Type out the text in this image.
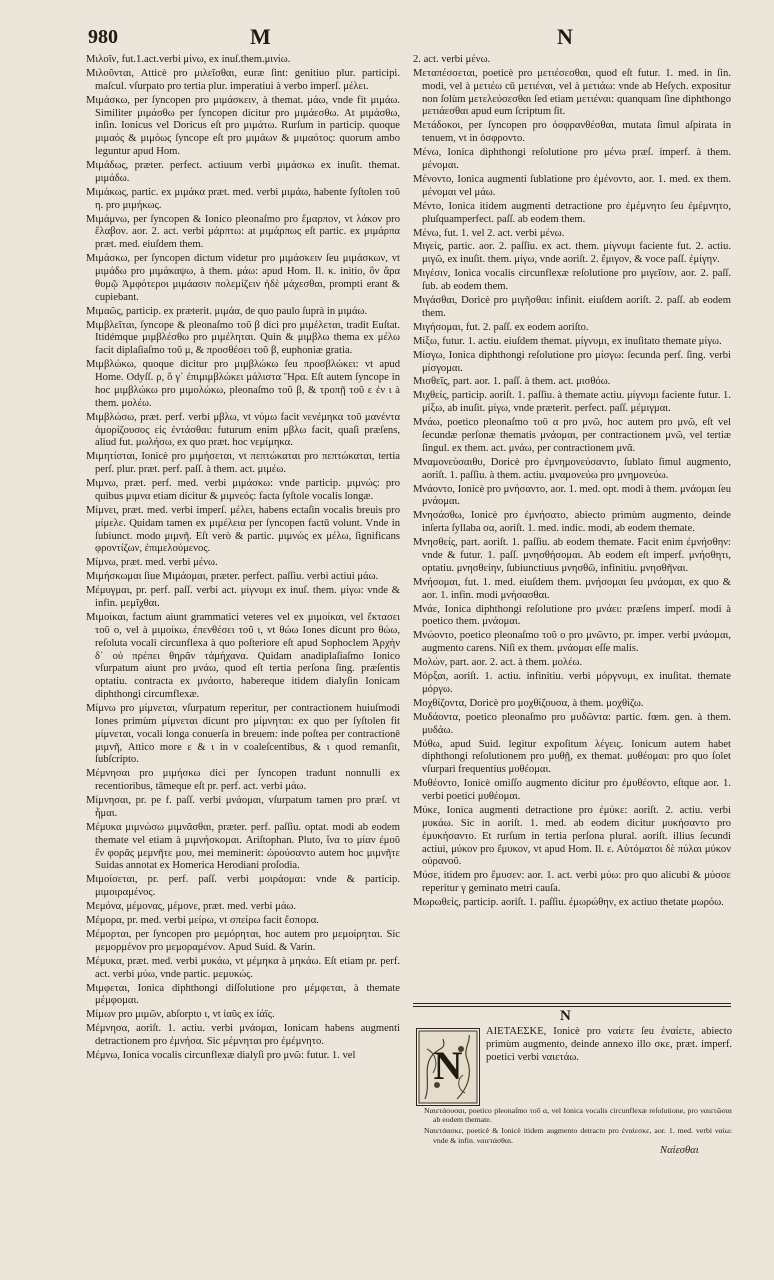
980	M	N

Μιλοῖν, fut.1.act.verbi μίνω, ex inuſ.them.μινίω.

Μιλοῦνται, Atticè pro μιλεῖσθαι, euræ ſint: genitiuo plur. participi. maſcul. vſurpato pro tertia plur. imperatiui à verbo imperſ. μέλει.

Μιμάσκω, per ſyncopen pro μιμάσκειν, à themat. μάω, vnde fit μιμάω. Similiter μιμάσθω per ſyncopen dicitur pro μιμάεσθω. At μιμάσθω, inſin. Ionicus vel Doricus eſt pro μιμάτω. Rurſum in particip. quoque μιμαός & μιμόως ſyncope eſt pro μιμάων & μιμαότος: quorum ambo leguntur apud Hom.

Μιμάδως, præter. perfect. actiuum verbi μιμάσκω ex inuſit. themat. μιμάδω.

Μιμάκως, partic. ex μιμάκα præt. med. verbi μιμάω, habente ſyſtolen τοῦ η. pro μιμήκως.

Μιμάμνω, per ſyncopen & Ionico pleonaſmo pro ἔμαρπον, vt λάκον pro ἔλαβον. aor. 2. act. verbi μάρπτω: at μιμάρπως eſt partic. ex μιμάρπα præt. med. eiuſdem them.

Μιμάσκω, per ſyncopen dictum videtur pro μιμάσκειν ſeu μιμάσκων, vt μιμάδω pro μιμάκαψω, à them. μάω: apud Hom. Il. κ. initio, ὃν ἄρα θυμῷ Ἀμφότεροι μιμάασιν πολεμίζειν ἠδὲ μάχεσθαι, prompti erant & cupiebant.

Μιμαῶς, particip. ex præterit. μιμάα, de quo paulo ſuprà in μιμάω.

Μιμβλεῖται, ſyncope & pleonaſmo τοῦ β dici pro μιμέλεται, tradit Euſtat. Itidémque μιμβλέσθω pro μιμέληται. Quin & μιμβλω thema ex μέλω facit diplaſiaſmo τοῦ μ, & προσθέσει τοῦ β, euphoniæ gratia.

Μιμβλώκω, quoque dicitur pro μιμβλώκω ſeu προσβλώκει: vt apud Home. Odyſſ. ρ, ὅ γ᾽ ἐπιμιμβλώκει μάλιστα Ἥρα. Eſt autem ſyncope in hoc μιμβλώκω pro μιμολώκω, pleonaſmo τοῦ β, & τροπῇ τοῦ ε ἐν ι à them. μολέω.

Μιμβλώσω, præt. perf. verbi μβλω, vt νύμω facit νενέμηκα τοῦ μανέντα ἀμορίζουσος εἰς ἐντάσθαι: futurum enim μβλω facit, quaſi præſens, aliud fut. μωλήσω, ex quo præt. hoc νεμίμηκα.

Μιμητίσται, Ionicè pro μιμήσεται, vt πεπτώκαται pro πεπτώκαται, tertia perſ. plur. præt. perf. paſſ. à them. act. μιμέω.

Μιμνω, præt. perf. med. verbi μιμάσκω: vnde particip. μιμνώς: pro quibus μιμνα etiam dicitur & μιμνεός: facta ſyſtole vocalis longæ.

Μίμνει, præt. med. verbi imperſ. μέλει, habens ectaſin vocalis breuis pro μίμελε. Quidam tamen ex μιμέλεια per ſyncopen factū volunt. Vnde in ſubiunct. modo μιμνῆ. Eſt verò & partic. μιμνώς ex μέλω, ſignificans φροντίζων, ἐπιμελούμενος.

Μίμνω, præt. med. verbi μένω.

Μιμήσκωμαι ſiue Μιμάομαι, præter. perfect. paſſiu. verbi actiui μάω.

Μέμυγμαι, pr. perf. paſſ. verbi act. μίγνυμι ex inuſ. them. μίγω: vnde & infin. μεμῖχθαι.

Μιμοίκαι, factum aiunt grammatici veteres vel ex μιμοίκαι, vel ἔκτασει τοῦ ο, vel à μιμοίκω, ἐπενθέσει τοῦ ι, vt θώω Iones dicunt pro θώω, reſoluta vocali circunflexa à quo poſteriore eſt apud Sophoclem Ἀρχὴν δ᾽ οὐ πρέπει θηρᾶν τἀμήχανα. Quidam anadiplaſiaſmo Ionico vſurpatum aiunt pro μνάω, quod eſt tertia perſona ſing. præſentis optatiu. contracta ex μνάοιτο, habereque itidem dialyſin Ionicam diphthongi circumflexæ.

Μίμνω pro μίμνεται, vſurpatum reperitur, per contractionem huiuſmodi Iones primùm μίμνεται dicunt pro μίμνηται: ex quo per ſyſtolen fit μίμνεται, vocali longa conuerſa in breuem: inde poſtea per contractionē μιμνῆ, Attico more ε & ι in ν coaleſcentibus, & ι quod remanſit, ſubſcripto.

Μέμνησαι pro μιμήσκω dici per ſyncopen tradunt nonnulli ex recentioribus, tāmeque eſt pr. perf. act. verbi μάω.

Μίμνησαι, pr. pe f. paſſ. verbi μνάομαι, vſurpatum tamen pro præſ. vt ἧμαι.

Μέμυκα μιμνώσω μιμνᾶσθαι, præter. perf. paſſiu. optat. modi ab eodem themate vel etiam à μιμνήσκομαι. Ariſtophan. Pluto, ἵνα το μίαν ἐμοῦ ἕν φορᾶς μεμνῆτε μου, mei meminerit: ὠρούσαντο autem hoc μιμνῆτε Suidas annotat ex Homerica Herodiani proſodia.

Μιμοίσεται, pr. perf. paſſ. verbi μοιράομαι: vnde & particip. μιμοιραμένος.

Μεμόνα, μέμονας, μέμονε, præt. med. verbi μάω.

Μέμορα, pr. med. verbi μείρω, vt σπείρω facit ἔσπορα.

Μέμορται, per ſyncopen pro μεμόρηται, hoc autem pro μεμοίρηται. Sic μεμορμένον pro μεμοραμένον. Apud Suid. & Varin.

Μέμυκα, præt. med. verbi μυκάω, vt μέμηκα à μηκάω. Eſt etiam pr. perf. act. verbi μύω, vnde partic. μεμυκώς.

Μιμφεται, Ionica diphthongi diſſolutione pro μέμφεται, à themate μέμφομαι.

Μίμων pro μιμῶν, abſorpto ι, vt ἰαῦς ex ἰάϊς.

Μέμνησα, aoriſt. 1. actiu. verbi μνάομαι, Ionicam habens augmenti detractionem pro ἐμνήσα. Sic μέμνηται pro ἐμέμνητο.

Μέμνω, Ionica vocalis circunflexæ dialyſi pro μνῶ: futur. 1. vel

2. act. verbi μένω.

Μεταπέσσεται, poeticè pro μετιέσεσθαι, quod eſt futur. 1. med. in ſin. modi, vel à μετιέω cū μετιέναι, vel à μετιάω: vnde ab Heſych. expositur non ſolùm μετελεύσεσθαι ſed etiam μετιέναι: quanquam ſine diphthongo μετιάεσθαι apud eum ſcriptum ſit.

Μετάδοκοι, per ſyncopen pro ὀσφρανθέσθαι, mutata ſimul aſpirata in tenuem, vt in ὀσφροντο.

Μένω, Ionica diphthongi reſolutione pro μένω præſ. imperf. à them. μένομαι.

Μένοντο, Ionica augmenti ſublatione pro ἐμένοντο, aor. 1. med. ex them. μένομαι vel μάω.

Μέντο, Ionica itidem augmenti detractione pro ἐμέμνητο ſeu ἐμέμνητο, pluſquamperfect. paſſ. ab eodem them.

Μένω, fut. 1. vel 2. act. verbi μένω.

Μιγείς, partic. aor. 2. paſſiu. ex act. them. μίγνυμι faciente fut. 2. actiu. μιγῶ, ex inuſit. them. μίγω, vnde aoriſt. 2. ἔμιγον, & voce paſſ. ἐμίγην.

Μιγέσιν, Ionica vocalis circunflexæ reſolutione pro μιγεῖσιν, aor. 2. paſſ. ſub. ab eodem them.

Μιγάσθαι, Doricè pro μιγῆσθαι: infinit. eiuſdem aoriſt. 2. paſſ. ab eodem them.

Μιγήσομαι, fut. 2. paſſ. ex eodem aoriſto.

Μίξω, futur. 1. actiu. eiuſdem themat. μίγνυμι, ex inuſitato themate μίγω.

Μίσγω, Ionica diphthongi reſolutione pro μίσγω: ſecunda perſ. ſing. verbi μίσγομαι.

Μισθεῖς, part. aor. 1. paſſ. à them. act. μισθόω.

Μιχθείς, particip. aoriſt. 1. paſſiu. à themate actiu. μίγνυμι faciente futur. 1. μίξω, ab inuſit. μίγω, vnde præterit. perfect. paſſ. μέμιγμαι.

Μνάω, poetico pleonaſmo τοῦ α pro μνῶ, hoc autem pro μνῶ, eſt vel ſecundæ perſonæ thematis μνάομαι, per contractionem μνῶ, vel tertiæ ſingul. ex them. act. μνάω, per contractionem μνᾶ.

Μναμονεύσαιθυ, Doricè pro ἐμνημονεύσαντο, ſublato ſimul augmento, aoriſt. 1. paſſiu. à them. actiu. μναμονεύω pro μνημονεύω.

Μνάοντο, Ionicè pro μνήσαντο, aor. 1. med. opt. modi à them. μνάομαι ſeu μνάομαι.

Μνησάσθω, Ionicè pro ἐμνήσατο, abiecto primùm augmento, deinde inſerta ſyllaba σα, aoriſt. 1. med. indic. modi, ab eodem themate.

Μνησθείς, part. aoriſt. 1. paſſiu. ab eodem themate. Facit enim ἐμνήσθην: vnde & futur. 1. paſſ. μνησθήσομαι. Ab eodem eſt imperf. μνήσθητι, optatiu. μνησθείην, ſubiunctiuus μνησθῶ, infinitiu. μνησθῆναι.

Μνήσομαι, fut. 1. med. eiuſdem them. μνήσομαι ſeu μνάομαι, ex quo & aor. 1. infin. modi μνήσασθαι.

Μνάε, Ionica diphthongi reſolutione pro μνάει: præſens imperſ. modi à poetico them. μνάομαι.

Μνώοντο, poetico pleonaſmo τοῦ ο pro μνῶντο, pr. imper. verbi μνάομαι, augmento carens. Niſi ex them. μνάομαι eſſe malis.

Μολών, part. aor. 2. act. à them. μολέω.

Μόρξαι, aoriſt. 1. actiu. infinitiu. verbi μόργνυμι, ex inuſitat. themate μόργω.

Μοχθίζοντα, Doricè pro μοχθίζουσα, à them. μοχθίζω.

Μυδάοντα, poetico pleonaſmo pro μυδῶντα: partic. fœm. gen. à them. μυδάω.

Μύθω, apud Suid. legitur expoſitum λέγεις. Ionicum autem habet diphthongi reſolutionem pro μυθῇ, ex themat. μυθέομαι: pro quo ſolet vſurpari frequentius μυθέομαι.

Μυθέοντο, Ionicè omiſſo augmento dicitur pro ἐμυθέοντο, eſtque aor. 1. verbi poetici μυθέομαι.

Μύκε, Ionica augmenti detractione pro ἐμύκε: aoriſt. 2. actiu. verbi μυκάω. Sic in aoriſt. 1. med. ab eodem dicitur μυκήσαντο pro ἐμυκήσαντο. Et rurſum in tertia perſona plural. aoriſt. illius ſecundi actiui, μύκον pro ἔμυκον, vt apud Hom. Il. ε. Αὐτόματοι δὲ πύλαι μύκον οὐρανοῦ.

Μύσε, itidem pro ἔμυσεν: aor. 1. act. verbi μύω: pro quo alicubi & μύσσε reperitur γ geminato metri cauſa.

Μωρωθείς, particip. aoriſt. 1. paſſiu. ἐμωρώθην, ex actiuo thetate μωρόω.

N
N
ΑΙΕΤΑΕΣΚΕ, Ionicè pro ναίετε ſeu ἐναίετε, abiecto primùm augmento, deinde annexo illo σκε, præt. imperf. poetici verbi ναιετάω.

Ναιετάουσαι, poetico pleonaſmo τοῦ α, vel Ionica vocalis circunflexæ reſolutione, pro ναιετῶσαι ab eodem themate.

Ναιετάασκε, poeticè & Ionicè itidem augmento detracto pro ἐναίεσκε, aor. 1. med. verbi ναίω: vnde & infin. ναιετάσθαι.

Ναίεσθαι
